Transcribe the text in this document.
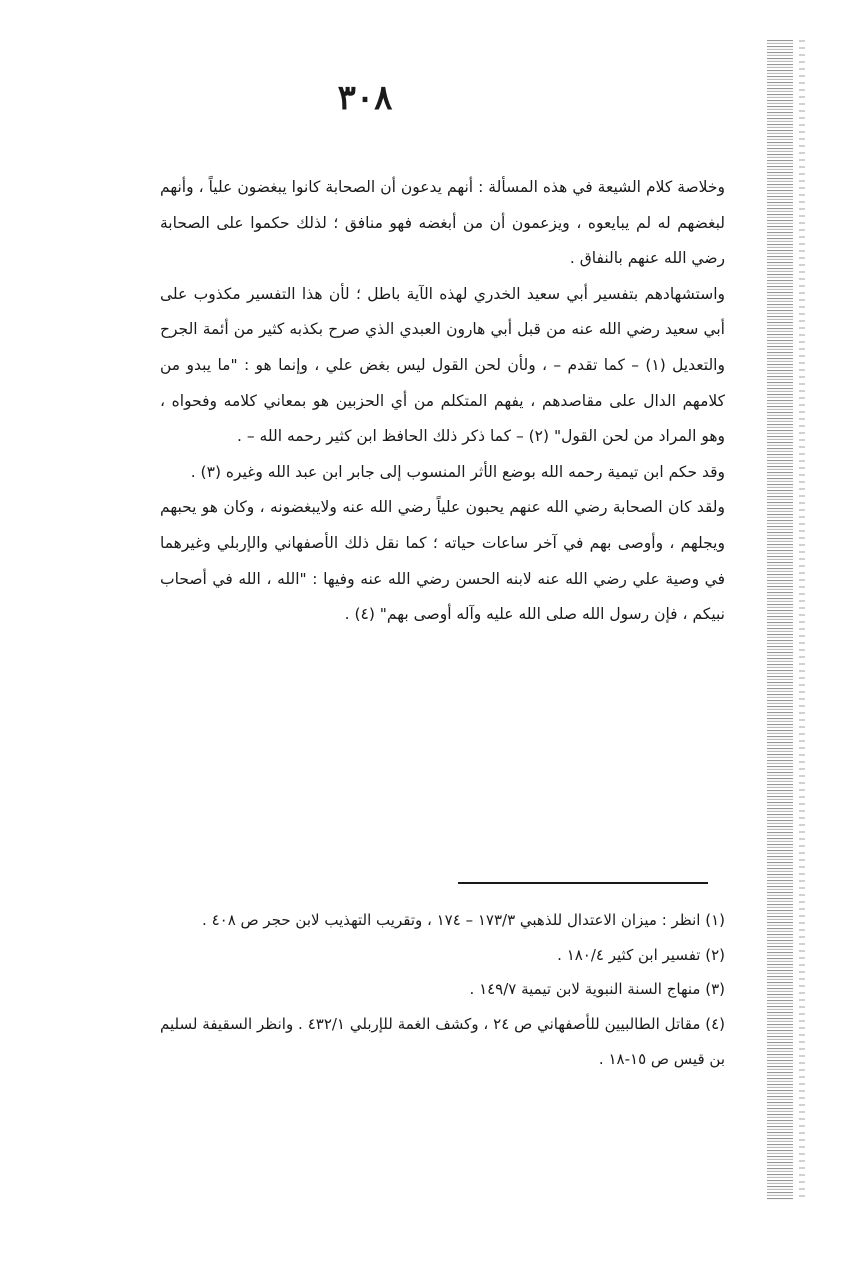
٣٠٨

وخلاصة كلام الشيعة في هذه المسألة : أنهم يدعون أن الصحابة كانوا يبغضون علياً ، وأنهم لبغضهم له لم يبايعوه ، ويزعمون أن من أبغضه فهو منافق ؛ لذلك حكموا على الصحابة رضي الله عنهم بالنفاق .

واستشهادهم بتفسير أبي سعيد الخدري لهذه الآية باطل ؛ لأن هذا التفسير مكذوب على أبي سعيد رضي الله عنه من قبل أبي هارون العبدي الذي صرح بكذبه كثير من أئمة الجرح والتعديل (١) – كما تقدم – ، ولأن لحن القول ليس بغض علي ، وإنما هو : "ما يبدو من كلامهم الدال على مقاصدهم ، يفهم المتكلم من أي الحزبين هو بمعاني كلامه وفحواه ، وهو المراد من لحن القول" (٢) – كما ذكر ذلك الحافظ ابن كثير رحمه الله – .

وقد حكم ابن تيمية رحمه الله بوضع الأثر المنسوب إلى جابر ابن عبد الله وغيره (٣) .

ولقد كان الصحابة رضي الله عنهم يحبون علياً رضي الله عنه ولايبغضونه ، وكان هو يحبهم ويجلهم ، وأوصى بهم في آخر ساعات حياته ؛ كما نقل ذلك الأصفهاني والإربلي وغيرهما في وصية علي رضي الله عنه لابنه الحسن رضي الله عنه وفيها : "الله ، الله في أصحاب نبيكم ، فإن رسول الله صلى الله عليه وآله أوصى بهم" (٤) .

(١) انظر : ميزان الاعتدال للذهبي ١٧٣/٣ – ١٧٤ ، وتقريب التهذيب لابن حجر ص ٤٠٨ .

(٢) تفسير ابن كثير ١٨٠/٤ .

(٣) منهاج السنة النبوية لابن تيمية ١٤٩/٧ .

(٤) مقاتل الطالبيين للأصفهاني ص ٢٤ ، وكشف الغمة للإربلي ٤٣٢/١ . وانظر السقيفة لسليم بن قيس ص ١٥-١٨ .
